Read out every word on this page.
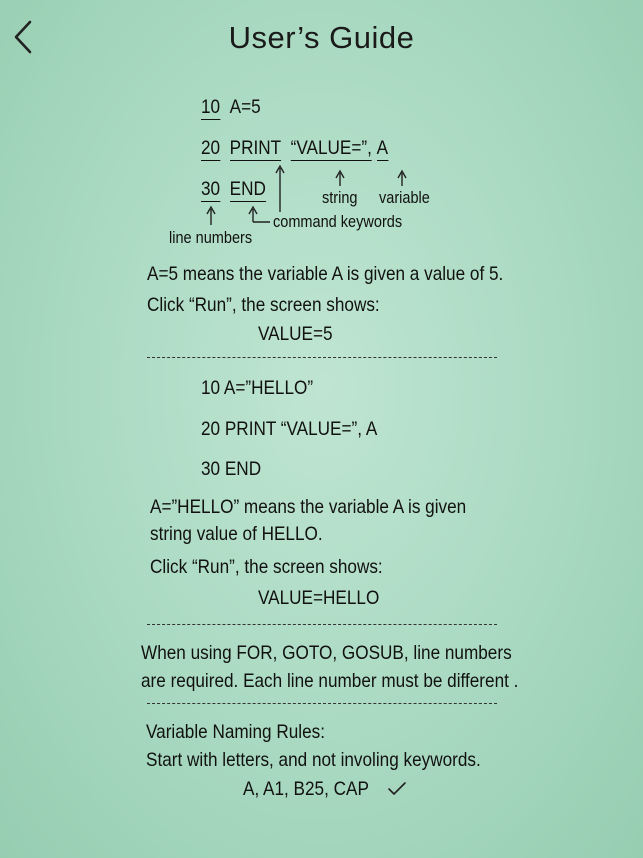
User’s Guide
10 A=5
20 PRINT “VALUE=”, A
30 END	string variable
command keywords
line numbers
A=5 means the variable A is given a value of 5.
Click “Run”, the screen shows:
VALUE=5
10 A=”HELLO”
20 PRINT “VALUE=”, A
30 END
A=”HELLO” means the variable A is given
string value of HELLO.
Click “Run”, the screen shows:
VALUE=HELLO
When using FOR, GOTO, GOSUB, line numbers
are required. Each line number must be different .
Variable Naming Rules:
Start with letters, and not involing keywords.
A, A1, B25, CAP
